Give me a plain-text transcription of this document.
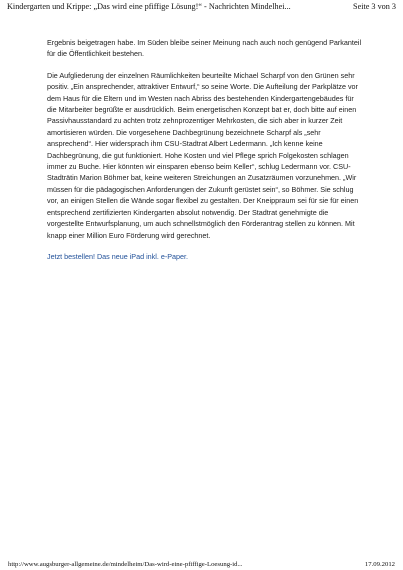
Kindergarten und Krippe: „Das wird eine pfiffige Lösung!“ - Nachrichten Mindelhei...	Seite 3 von 3

Ergebnis beigetragen habe. Im Süden bleibe seiner Meinung nach auch noch genügend Parkanteil für die Öffentlichkeit bestehen.

Die Aufgliederung der einzelnen Räumlichkeiten beurteilte Michael Scharpf von den Grünen sehr positiv. „Ein ansprechender, attraktiver Entwurf,“ so seine Worte. Die Aufteilung der Parkplätze vor dem Haus für die Eltern und im Westen nach Abriss des bestehenden Kindergartengebäudes für die Mitarbeiter begrüßte er ausdrücklich. Beim energetischen Konzept bat er, doch bitte auf einen Passivhausstandard zu achten trotz zehnprozentiger Mehrkosten, die sich aber in kurzer Zeit amortisieren würden. Die vorgesehene Dachbegrünung bezeichnete Scharpf als „sehr ansprechend“. Hier widersprach ihm CSU-Stadtrat Albert Ledermann. „Ich kenne keine Dachbegrünung, die gut funktioniert. Hohe Kosten und viel Pflege sprich Folgekosten schlagen immer zu Buche. Hier könnten wir einsparen ebenso beim Keller“, schlug Ledermann vor. CSU-Stadträtin Marion Böhmer bat, keine weiteren Streichungen an Zusatzräumen vorzunehmen. „Wir müssen für die pädagogischen Anforderungen der Zukunft gerüstet sein“, so Böhmer. Sie schlug vor, an einigen Stellen die Wände sogar flexibel zu gestalten. Der Kneippraum sei für sie für einen entsprechend zertifizierten Kindergarten absolut notwendig. Der Stadtrat genehmigte die vorgestellte Entwurfsplanung, um auch schnellstmöglich den Förderantrag stellen zu können. Mit knapp einer Million Euro Förderung wird gerechnet.

Jetzt bestellen! Das neue iPad inkl. e-Paper.
http://www.augsburger-allgemeine.de/mindelheim/Das-wird-eine-pfiffige-Loesung-id...	17.09.2012
